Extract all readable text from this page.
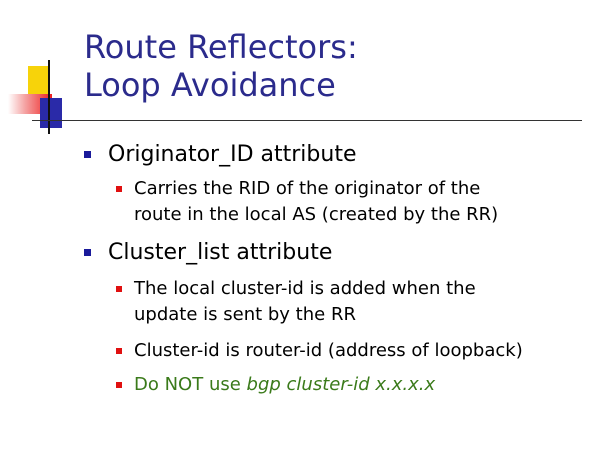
Route Reflectors:
Loop Avoidance
Originator_ID attribute
Carries the RID of the originator of the
route in the local AS (created by the RR)
Cluster_list attribute
The local cluster-id is added when the
update is sent by the RR
Cluster-id is router-id (address of loopback)
Do NOT use bgp cluster-id x.x.x.x
